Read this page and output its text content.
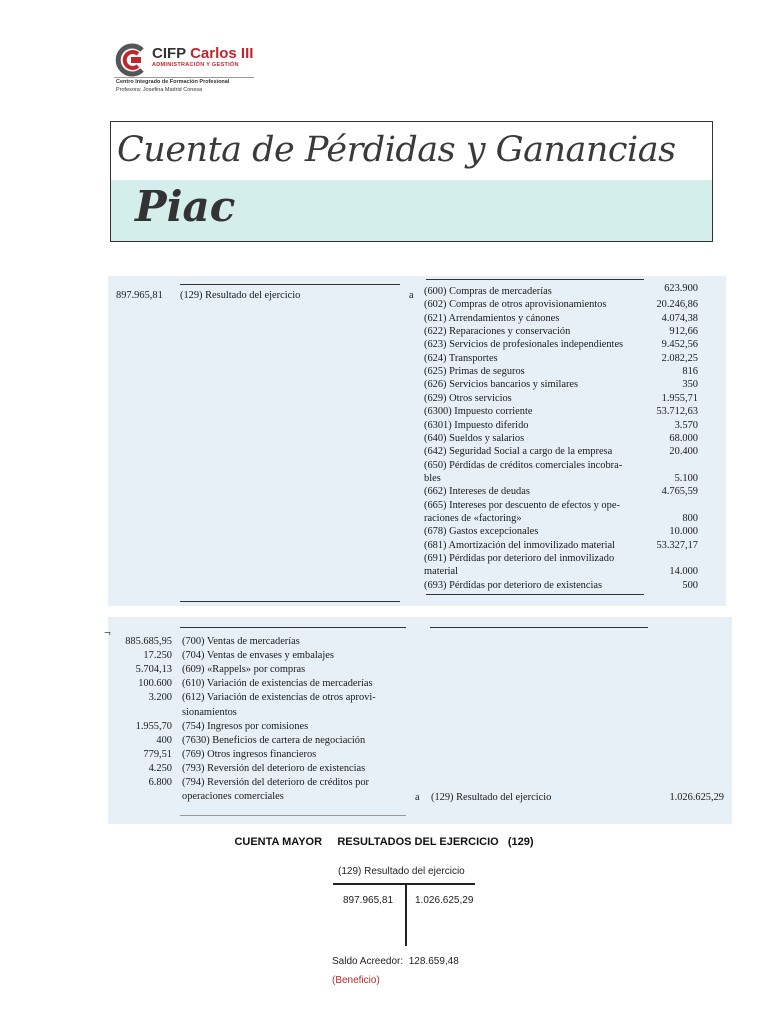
CIFP Carlos III
ADMINISTRACIÓN Y GESTIÓN
Centro Integrado de Formación Profesional
Profesora: Josefina Madrid Conesa
Cuenta de Pérdidas y Ganancias
Piac
897.965,81 (129) Resultado del ejercicio	a (600) Compras de mercaderías	623.900
(602) Compras de otros aprovisionamientos	20.246,86
(621) Arrendamientos y cánones	4.074,38
(622) Reparaciones y conservación	912,66
(623) Servicios de profesionales independientes	9.452,56
(624) Transportes	2.082,25
(625) Primas de seguros	816
(626) Servicios bancarios y similares	350
(629) Otros servicios	1.955,71
(6300) Impuesto corriente	53.712,63
(6301) Impuesto diferido	3.570
(640) Sueldos y salarios	68.000
(642) Seguridad Social a cargo de la empresa	20.400
(650) Pérdidas de créditos comerciales incobra-
bles	5.100
(662) Intereses de deudas	4.765,59
(665) Intereses por descuento de efectos y ope-
raciones de «factoring»	800
(678) Gastos excepcionales	10.000
(681) Amortización del inmovilizado material	53.327,17
(691) Pérdidas por deterioro del inmovilizado
material	14.000
(693) Pérdidas por deterioro de existencias	500
¬
885.685,95 (700) Ventas de mercaderías
17.250 (704) Ventas de envases y embalajes
5.704,13 (609) «Rappels» por compras
100.600 (610) Variación de existencias de mercaderías
3.200 (612) Variación de existencias de otros aprovi-
sionamientos
1.955,70 (754) Ingresos por comisiones
400 (7630) Beneficios de cartera de negociación
779,51 (769) Otros ingresos financieros
4.250 (793) Reversión del deterioro de existencias
6.800 (794) Reversión del deterioro de créditos por
operaciones comerciales	a (129) Resultado del ejercicio	1.026.625,29
CUENTA MAYOR     RESULTADOS DEL EJERCICIO   (129)
(129) Resultado del ejercicio
897.965,81 1.026.625,29
Saldo Acreedor: 128.659,48
(Beneficio)
